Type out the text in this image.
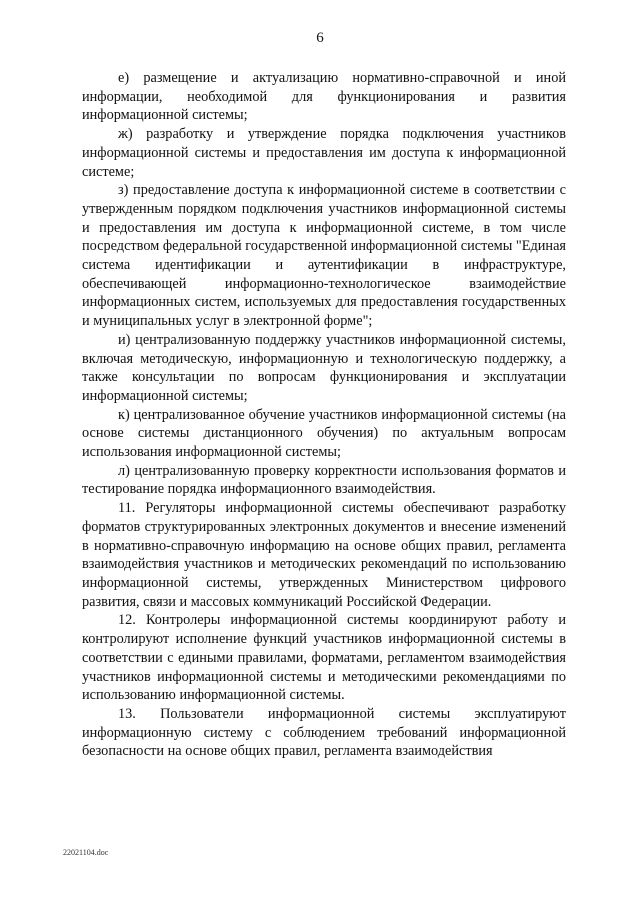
6

е) размещение и актуализацию нормативно-справочной и иной информации, необходимой для функционирования и развития информационной системы;

ж) разработку и утверждение порядка подключения участников информационной системы и предоставления им доступа к информационной системе;

з) предоставление доступа к информационной системе в соответствии с утвержденным порядком подключения участников информационной системы и предоставления им доступа к информационной системе, в том числе посредством федеральной государственной информационной системы "Единая система идентификации и аутентификации в инфраструктуре, обеспечивающей информационно-технологическое взаимодействие информационных систем, используемых для предоставления государственных и муниципальных услуг в электронной форме";

и) централизованную поддержку участников информационной системы, включая методическую, информационную и технологическую поддержку, а также консультации по вопросам функционирования и эксплуатации информационной системы;

к) централизованное обучение участников информационной системы (на основе системы дистанционного обучения) по актуальным вопросам использования информационной системы;

л) централизованную проверку корректности использования форматов и тестирование порядка информационного взаимодействия.

11. Регуляторы информационной системы обеспечивают разработку форматов структурированных электронных документов и внесение изменений в нормативно-справочную информацию на основе общих правил, регламента взаимодействия участников и методических рекомендаций по использованию информационной системы, утвержденных Министерством цифрового развития, связи и массовых коммуникаций Российской Федерации.

12. Контролеры информационной системы координируют работу и контролируют исполнение функций участников информационной системы в соответствии с едиными правилами, форматами, регламентом взаимодействия участников информационной системы и методическими рекомендациями по использованию информационной системы.

13. Пользователи информационной системы эксплуатируют информационную систему с соблюдением требований информационной безопасности на основе общих правил, регламента взаимодействия

22021104.doc
